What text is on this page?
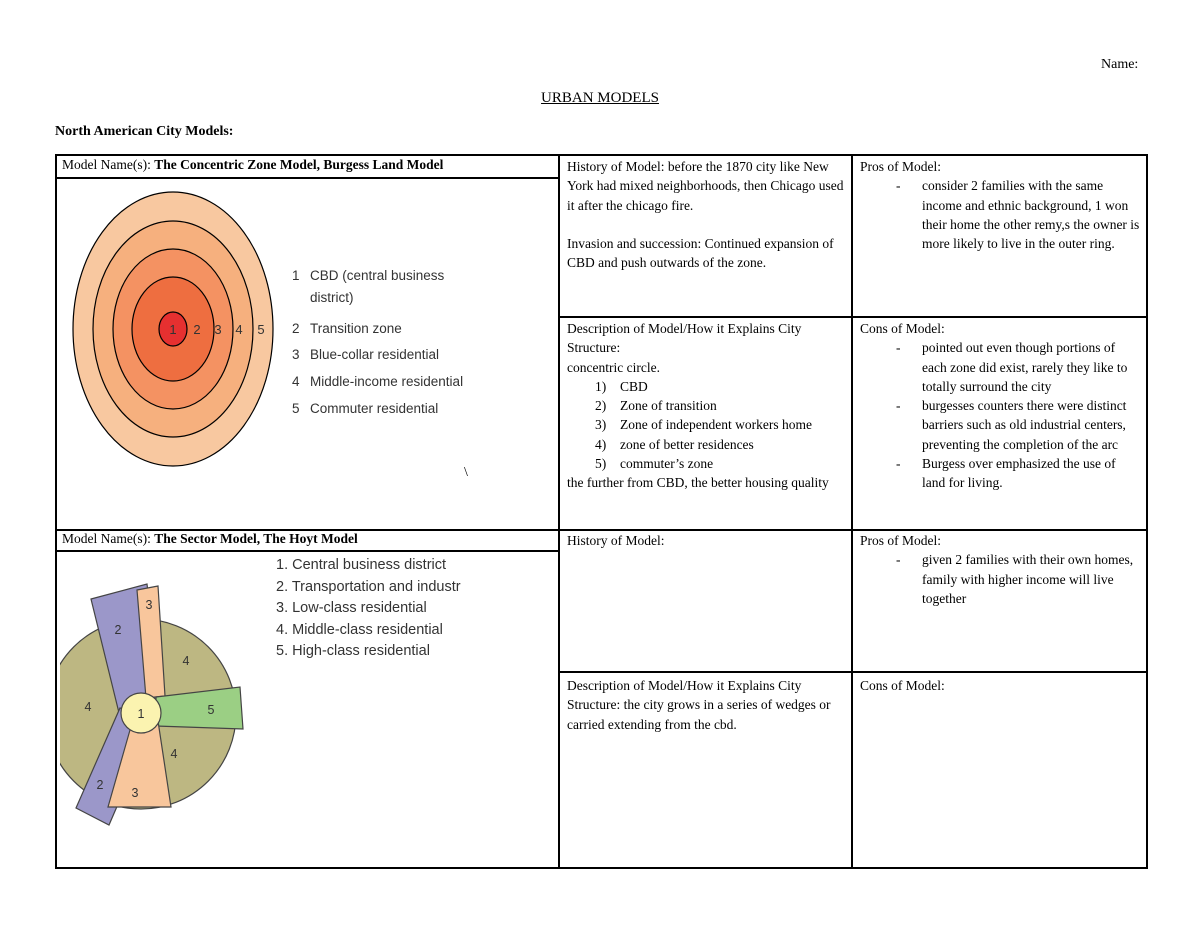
Name:
URBAN MODELS
North American City Models:
Model Name(s): The Concentric Zone Model, Burgess Land Model
1 2 3 4 5
1 CBD (central business
district)
2 Transition zone
3 Blue-collar residential
4 Middle-income residential
5 Commuter residential
\

History of Model: before the 1870 city like New York had mixed neighborhoods, then Chicago used it after the chicago fire.

Invasion and succession: Continued expansion of CBD and push outwards of the zone.

Pros of Model:

- consider 2 families with the same income and ethnic background, 1 won their home the other remy,s the owner is more likely to live in the outer ring.

Description of Model/How it Explains City Structure:

concentric circle.

1) CBD
2) Zone of transition
3) Zone of independent workers home
4) zone of better residences
5) commuter’s zone

the further from CBD, the better housing quality

Cons of Model:

- pointed out even though portions of each zone did exist, rarely they like to totally surround the city
- burgesses counters there were distinct barriers such as old industrial centers, preventing the completion of the arc
- Burgess over emphasized the use of land for living.
Model Name(s): The Sector Model, The Hoyt Model
1
2
2
3
3
4
4
4
5
1. Central business district
2. Transportation and industr
3. Low-class residential
4. Middle-class residential
5. High-class residential

History of Model:	Pros of Model:

- given 2 families with their own homes, family with higher income will live together

Description of Model/How it Explains City Structure: the city grows in a series of wedges or carried extending from the cbd.

Cons of Model:
